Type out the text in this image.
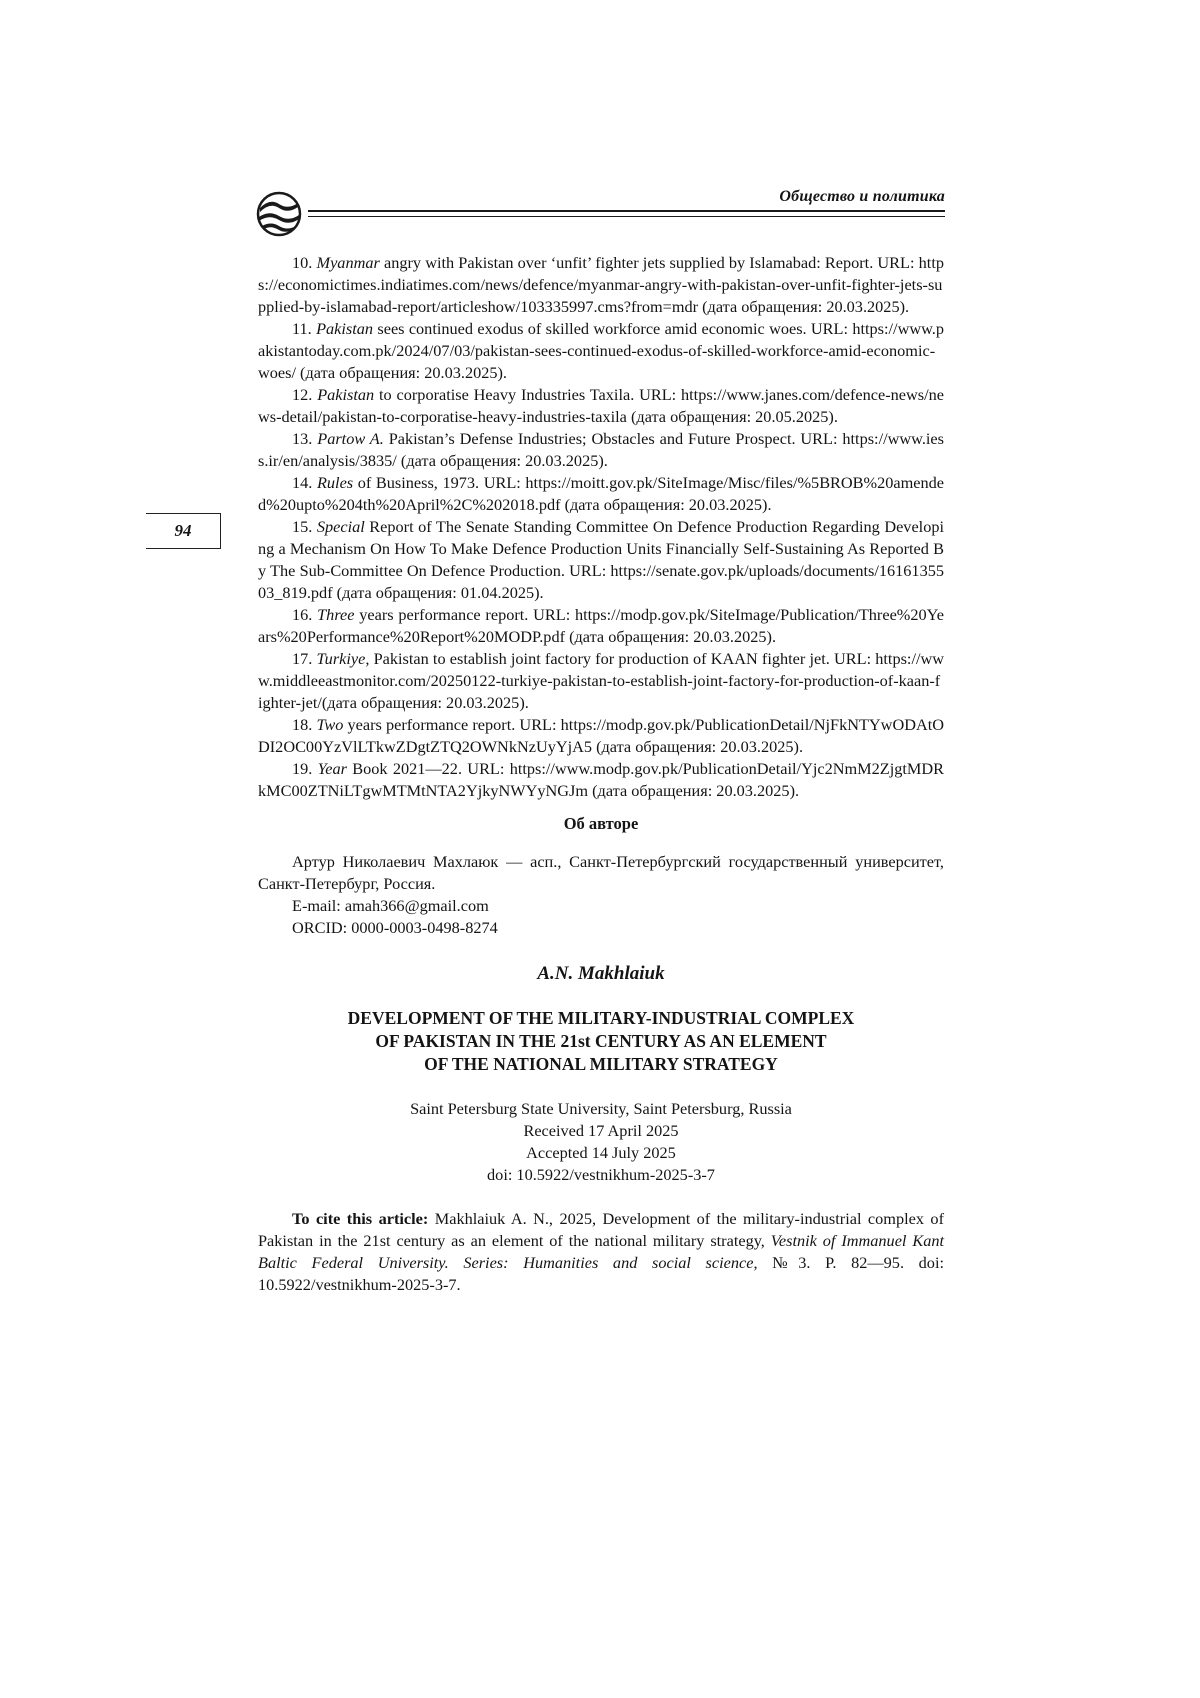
Общество и политика
94

10. Myanmar angry with Pakistan over ‘unfit’ fighter jets supplied by Islamabad: Report. URL: https://economictimes.indiatimes.com/news/defence/myanmar-angry-with-pakistan-over-unfit-fighter-jets-supplied-by-islamabad-report/articleshow/103335997.cms?from=mdr (дата обращения: 20.03.2025).

11. Pakistan sees continued exodus of skilled workforce amid economic woes. URL: https://www.pakistantoday.com.pk/2024/07/03/pakistan-sees-continued-exodus-of-skilled-workforce-amid-economic-woes/ (дата обращения: 20.03.2025).

12. Pakistan to corporatise Heavy Industries Taxila. URL: https://www.janes.com/defence-news/news-detail/pakistan-to-corporatise-heavy-industries-taxila (дата обращения: 20.05.2025).

13. Partow A. Pakistan’s Defense Industries; Obstacles and Future Prospect. URL: https://www.iess.ir/en/analysis/3835/ (дата обращения: 20.03.2025).

14. Rules of Business, 1973. URL: https://moitt.gov.pk/SiteImage/Misc/files/%5BROB%20amended%20upto%204th%20April%2C%202018.pdf (дата обращения: 20.03.2025).

15. Special Report of The Senate Standing Committee On Defence Production Regarding Developing a Mechanism On How To Make Defence Production Units Financially Self-Sustaining As Reported By The Sub-Committee On Defence Production. URL: https://senate.gov.pk/uploads/documents/1616135503_819.pdf (дата обращения: 01.04.2025).

16. Three years performance report. URL: https://modp.gov.pk/SiteImage/Publication/Three%20Years%20Performance%20Report%20MODP.pdf (дата обращения: 20.03.2025).

17. Turkiye, Pakistan to establish joint factory for production of KAAN fighter jet. URL: https://www.middleeastmonitor.com/20250122-turkiye-pakistan-to-establish-joint-factory-for-production-of-kaan-fighter-jet/(дата обращения: 20.03.2025).

18. Two years performance report. URL: https://modp.gov.pk/PublicationDetail/NjFkNTYwODAtODI2OC00YzVlLTkwZDgtZTQ2OWNkNzUyYjA5 (дата обращения: 20.03.2025).

19. Year Book 2021—22. URL: https://www.modp.gov.pk/PublicationDetail/Yjc2NmM2ZjgtMDRkMC00ZTNiLTgwMTMtNTA2YjkyNWYyNGJm (дата обращения: 20.03.2025).

Об авторе

Артур Николаевич Махлаюк — асп., Санкт-Петербургский государственный университет, Санкт-Петербург, Россия.

E-mail: amah366@gmail.com

ORCID: 0000-0003-0498-8274

A.N. Makhlaiuk
DEVELOPMENT OF THE MILITARY-INDUSTRIAL COMPLEX
OF PAKISTAN IN THE 21st CENTURY AS AN ELEMENT
OF THE NATIONAL MILITARY STRATEGY
Saint Petersburg State University, Saint Petersburg, Russia
Received 17 April 2025
Accepted 14 July 2025
doi: 10.5922/vestnikhum-2025-3-7

To cite this article: Makhlaiuk A. N., 2025, Development of the military-industrial complex of Pakistan in the 21st century as an element of the national military strategy, Vestnik of Immanuel Kant Baltic Federal University. Series: Humanities and social science, №3. P. 82—95. doi: 10.5922/vestnikhum-2025-3-7.
